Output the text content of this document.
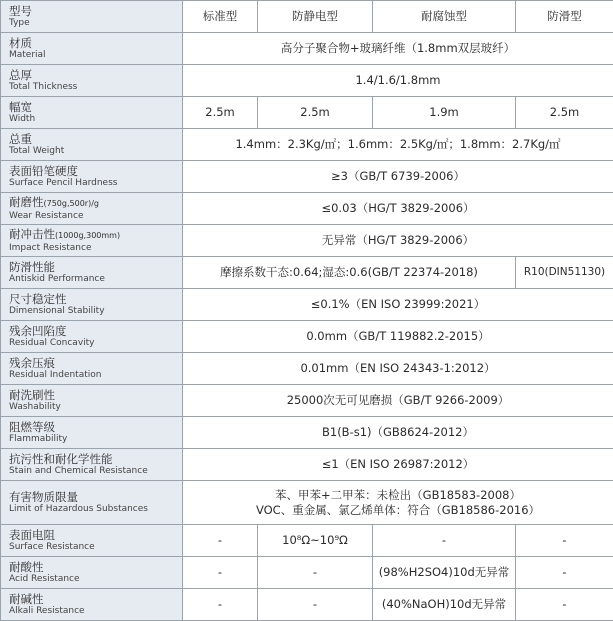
型号
Type	标准型	防静电型	耐腐蚀型	防滑型

材质
Material	高分子聚合物+玻璃纤维（1.8mm双层玻纤）			

总厚
Total Thickness	1.4/1.6/1.8mm			

幅宽
Width	2.5m	2.5m	1.9m	2.5m

总重
Total Weight	1.4mm：2.3Kg/㎡；1.6mm：2.5Kg/㎡；1.8mm：2.7Kg/㎡			

表面铅笔硬度
Surface Pencil Hardness	≥3（GB/T 6739-2006）			

耐磨性(750g,500r)/g
Wear Resistance	≤0.03（HG/T 3829-2006）			

耐冲击性(1000g,300mm)
Impact Resistance	无异常（HG/T 3829-2006）			

防滑性能
Antiskid Performance	摩擦系数干态:0.64;湿态:0.6(GB/T 22374-2018)			R10(DIN51130)

尺寸稳定性
Dimensional Stability	≤0.1%（EN ISO 23999:2021）			

残余凹陷度
Residual Concavity	0.0mm（GB/T 119882.2-2015）			

残余压痕
Residual Indentation	0.01mm（EN ISO 24343-1:2012）			

耐洗刷性
Washability	25000次无可见磨损（GB/T 9266-2009）			

阻燃等级
Flammability	B1(B-s1)（GB8624-2012）			

抗污性和耐化学性能
Stain and Chemical Resistance	≤1（EN ISO 26987:2012）			

有害物质限量
Limit of Hazardous Substances	苯、甲苯+二甲苯：未检出（GB18583-2008）
VOC、重金属、氯乙烯单体：符合（GB18586-2016）			

表面电阻
Surface Resistance	-	10⁸Ω~10⁹Ω	-	-

耐酸性
Acid Resistance	-	-	(98%H2SO4)10d无异常	-

耐碱性
Alkali Resistance	-	-	(40%NaOH)10d无异常	-
